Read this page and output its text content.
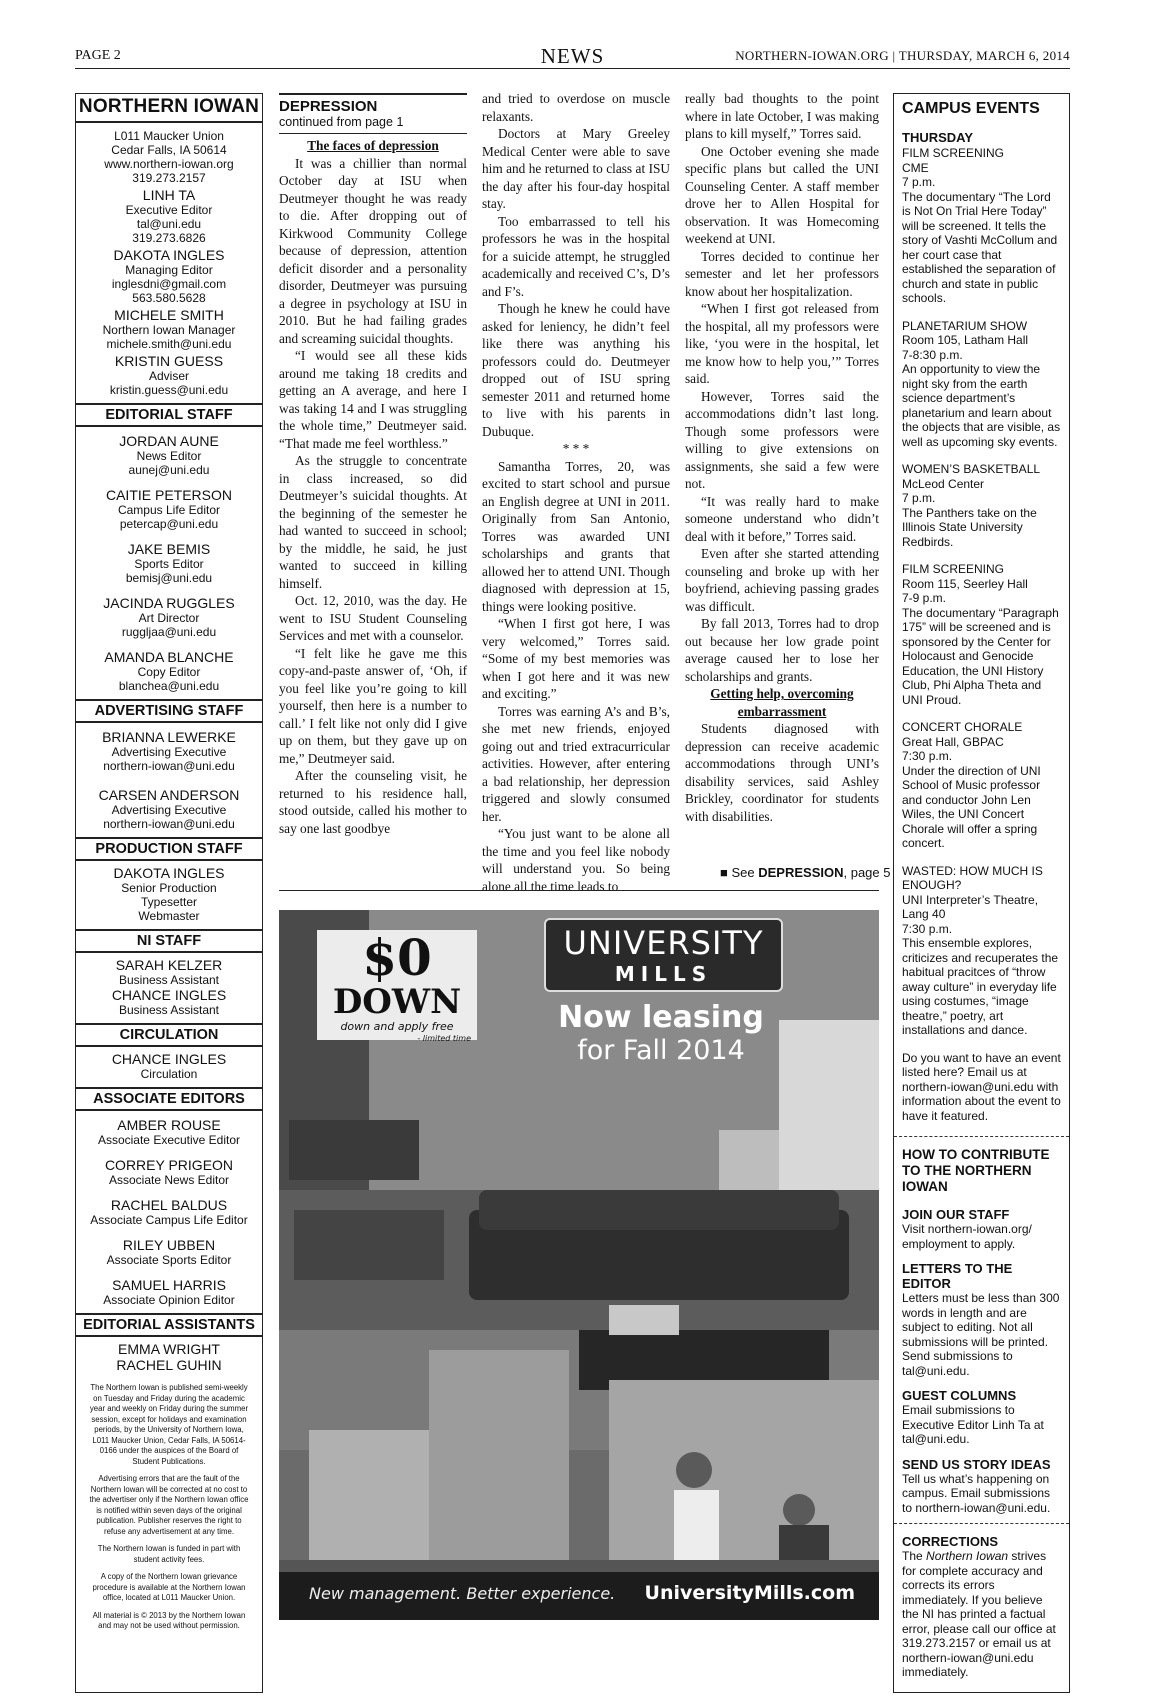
PAGE 2	NEWS	NORTHERN-IOWAN.ORG | THURSDAY, MARCH 6, 2014
NORTHERN IOWAN
L011 Maucker Union
Cedar Falls, IA 50614
www.northern-iowan.org
319.273.2157
LINH TA
Executive Editor
tal@uni.edu
319.273.6826
DAKOTA INGLES
Managing Editor
inglesdni@gmail.com
563.580.5628
MICHELE SMITH
Northern Iowan Manager
michele.smith@uni.edu
KRISTIN GUESS
Adviser
kristin.guess@uni.edu
EDITORIAL STAFF
JORDAN AUNE
News Editor
aunej@uni.edu
CAITIE PETERSON
Campus Life Editor
petercap@uni.edu
JAKE BEMIS
Sports Editor
bemisj@uni.edu
JACINDA RUGGLES
Art Director
ruggljaa@uni.edu
AMANDA BLANCHE
Copy Editor
blanchea@uni.edu
ADVERTISING STAFF
BRIANNA LEWERKE
Advertising Executive
northern-iowan@uni.edu
CARSEN ANDERSON
Advertising Executive
northern-iowan@uni.edu
PRODUCTION STAFF
DAKOTA INGLES
Senior Production
Typesetter
Webmaster
NI STAFF
SARAH KELZER
Business Assistant
CHANCE INGLES
Business Assistant
CIRCULATION
CHANCE INGLES
Circulation
ASSOCIATE EDITORS
AMBER ROUSE
Associate Executive Editor
CORREY PRIGEON
Associate News Editor
RACHEL BALDUS
Associate Campus Life Editor
RILEY UBBEN
Associate Sports Editor
SAMUEL HARRIS
Associate Opinion Editor
EDITORIAL ASSISTANTS
EMMA WRIGHT
RACHEL GUHIN

The Northern Iowan is published semi-weekly on Tuesday and Friday during the academic year and weekly on Friday during the summer session, except for holidays and examination periods, by the University of Northern Iowa, L011 Maucker Union, Cedar Falls, IA 50614-0166 under the auspices of the Board of Student Publications.

Advertising errors that are the fault of the Northern Iowan will be corrected at no cost to the advertiser only if the Northern Iowan office is notified within seven days of the original publication. Publisher reserves the right to refuse any advertisement at any time.

The Northern Iowan is funded in part with student activity fees.

A copy of the Northern Iowan grievance procedure is available at the Northern Iowan office, located at L011 Maucker Union.

All material is © 2013 by the Northern Iowan and may not be used without permission.

DEPRESSION
continued from page 1

The faces of depression

It was a chillier than normal October day at ISU when Deutmeyer thought he was ready to die. After dropping out of Kirkwood Community College because of depression, attention deficit disorder and a personality disorder, Deutmeyer was pursuing a degree in psychology at ISU in 2010. But he had failing grades and screaming suicidal thoughts.

“I would see all these kids around me taking 18 credits and getting an A average, and here I was taking 14 and I was struggling the whole time,” Deutmeyer said. “That made me feel worthless.”

As the struggle to concentrate in class increased, so did Deutmeyer’s suicidal thoughts. At the beginning of the semester he had wanted to succeed in school; by the middle, he said, he just wanted to succeed in killing himself.

Oct. 12, 2010, was the day. He went to ISU Student Counseling Services and met with a counselor.

“I felt like he gave me this copy-and-paste answer of, ‘Oh, if you feel like you’re going to kill yourself, then here is a number to call.’ I felt like not only did I give up on them, but they gave up on me,” Deutmeyer said.

After the counseling visit, he returned to his residence hall, stood outside, called his mother to say one last goodbye

and tried to overdose on muscle relaxants.

Doctors at Mary Greeley Medical Center were able to save him and he returned to class at ISU the day after his four-day hospital stay.

Too embarrassed to tell his professors he was in the hospital for a suicide attempt, he struggled academically and received C’s, D’s and F’s.

Though he knew he could have asked for leniency, he didn’t feel like there was anything his professors could do. Deutmeyer dropped out of ISU spring semester 2011 and returned home to live with his parents in Dubuque.

* * *

Samantha Torres, 20, was excited to start school and pursue an English degree at UNI in 2011. Originally from San Antonio, Torres was awarded UNI scholarships and grants that allowed her to attend UNI. Though diagnosed with depression at 15, things were looking positive.

“When I first got here, I was very welcomed,” Torres said. “Some of my best memories was when I got here and it was new and exciting.”

Torres was earning A’s and B’s, she met new friends, enjoyed going out and tried extracurricular activities. However, after entering a bad relationship, her depression triggered and slowly consumed her.

“You just want to be alone all the time and you feel like nobody will understand you. So being alone all the time leads to

really bad thoughts to the point where in late October, I was making plans to kill myself,” Torres said.

One October evening she made specific plans but called the UNI Counseling Center. A staff member drove her to Allen Hospital for observation. It was Homecoming weekend at UNI.

Torres decided to continue her semester and let her professors know about her hospitalization.

“When I first got released from the hospital, all my professors were like, ‘you were in the hospital, let me know how to help you,’” Torres said.

However, Torres said the accommodations didn’t last long. Though some professors were willing to give extensions on assignments, she said a few were not.

“It was really hard to make someone understand who didn’t deal with it before,” Torres said.

Even after she started attending counseling and broke up with her boyfriend, achieving passing grades was difficult.

By fall 2013, Torres had to drop out because her low grade point average caused her to lose her scholarships and grants.

Getting help, overcoming embarrassment

Students diagnosed with depression can receive academic accommodations through UNI’s disability services, said Ashley Brickley, coordinator for students with disabilities.

■ See DEPRESSION, page 5
$0
DOWN
down and apply free
- limited time
UNIVERSITY
MILLS
Now leasing
for Fall 2014
New management. Better experience. UniversityMills.com
CAMPUS EVENTS
THURSDAY
FILM SCREENING
CME
7 p.m.
The documentary “The Lord is Not On Trial Here Today” will be screened. It tells the story of Vashti McCollum and her court case that established the separation of church and state in public schools.
PLANETARIUM SHOW
Room 105, Latham Hall
7-8:30 p.m.
An opportunity to view the night sky from the earth science department’s planetarium and learn about the objects that are visible, as well as upcoming sky events.
WOMEN’S BASKETBALL
McLeod Center
7 p.m.
The Panthers take on the Illinois State University Redbirds.
FILM SCREENING
Room 115, Seerley Hall
7-9 p.m.
The documentary “Paragraph 175” will be screened and is sponsored by the Center for Holocaust and Genocide Education, the UNI History Club, Phi Alpha Theta and UNI Proud.
CONCERT CHORALE
Great Hall, GBPAC
7:30 p.m.
Under the direction of UNI School of Music professor and conductor John Len Wiles, the UNI Concert Chorale will offer a spring concert.
WASTED: HOW MUCH IS ENOUGH?
UNI Interpreter’s Theatre, Lang 40
7:30 p.m.
This ensemble explores, criticizes and recuperates the habitual pracitces of “throw away culture” in everyday life using costumes, “image theatre,” poetry, art installations and dance.
Do you want to have an event listed here? Email us at northern-iowan@uni.edu with information about the event to have it featured.
HOW TO CONTRIBUTE TO THE NORTHERN IOWAN
JOIN OUR STAFF
Visit northern-iowan.org/ employment to apply.
LETTERS TO THE EDITOR
Letters must be less than 300 words in length and are subject to editing. Not all submissions will be printed. Send submissions to tal@uni.edu.
GUEST COLUMNS
Email submissions to Executive Editor Linh Ta at tal@uni.edu.
SEND US STORY IDEAS
Tell us what’s happening on campus. Email submissions to northern-iowan@uni.edu.
CORRECTIONS
The Northern Iowan strives for complete accuracy and corrects its errors immediately. If you believe the NI has printed a factual error, please call our office at 319.273.2157 or email us at northern-iowan@uni.edu immediately.
